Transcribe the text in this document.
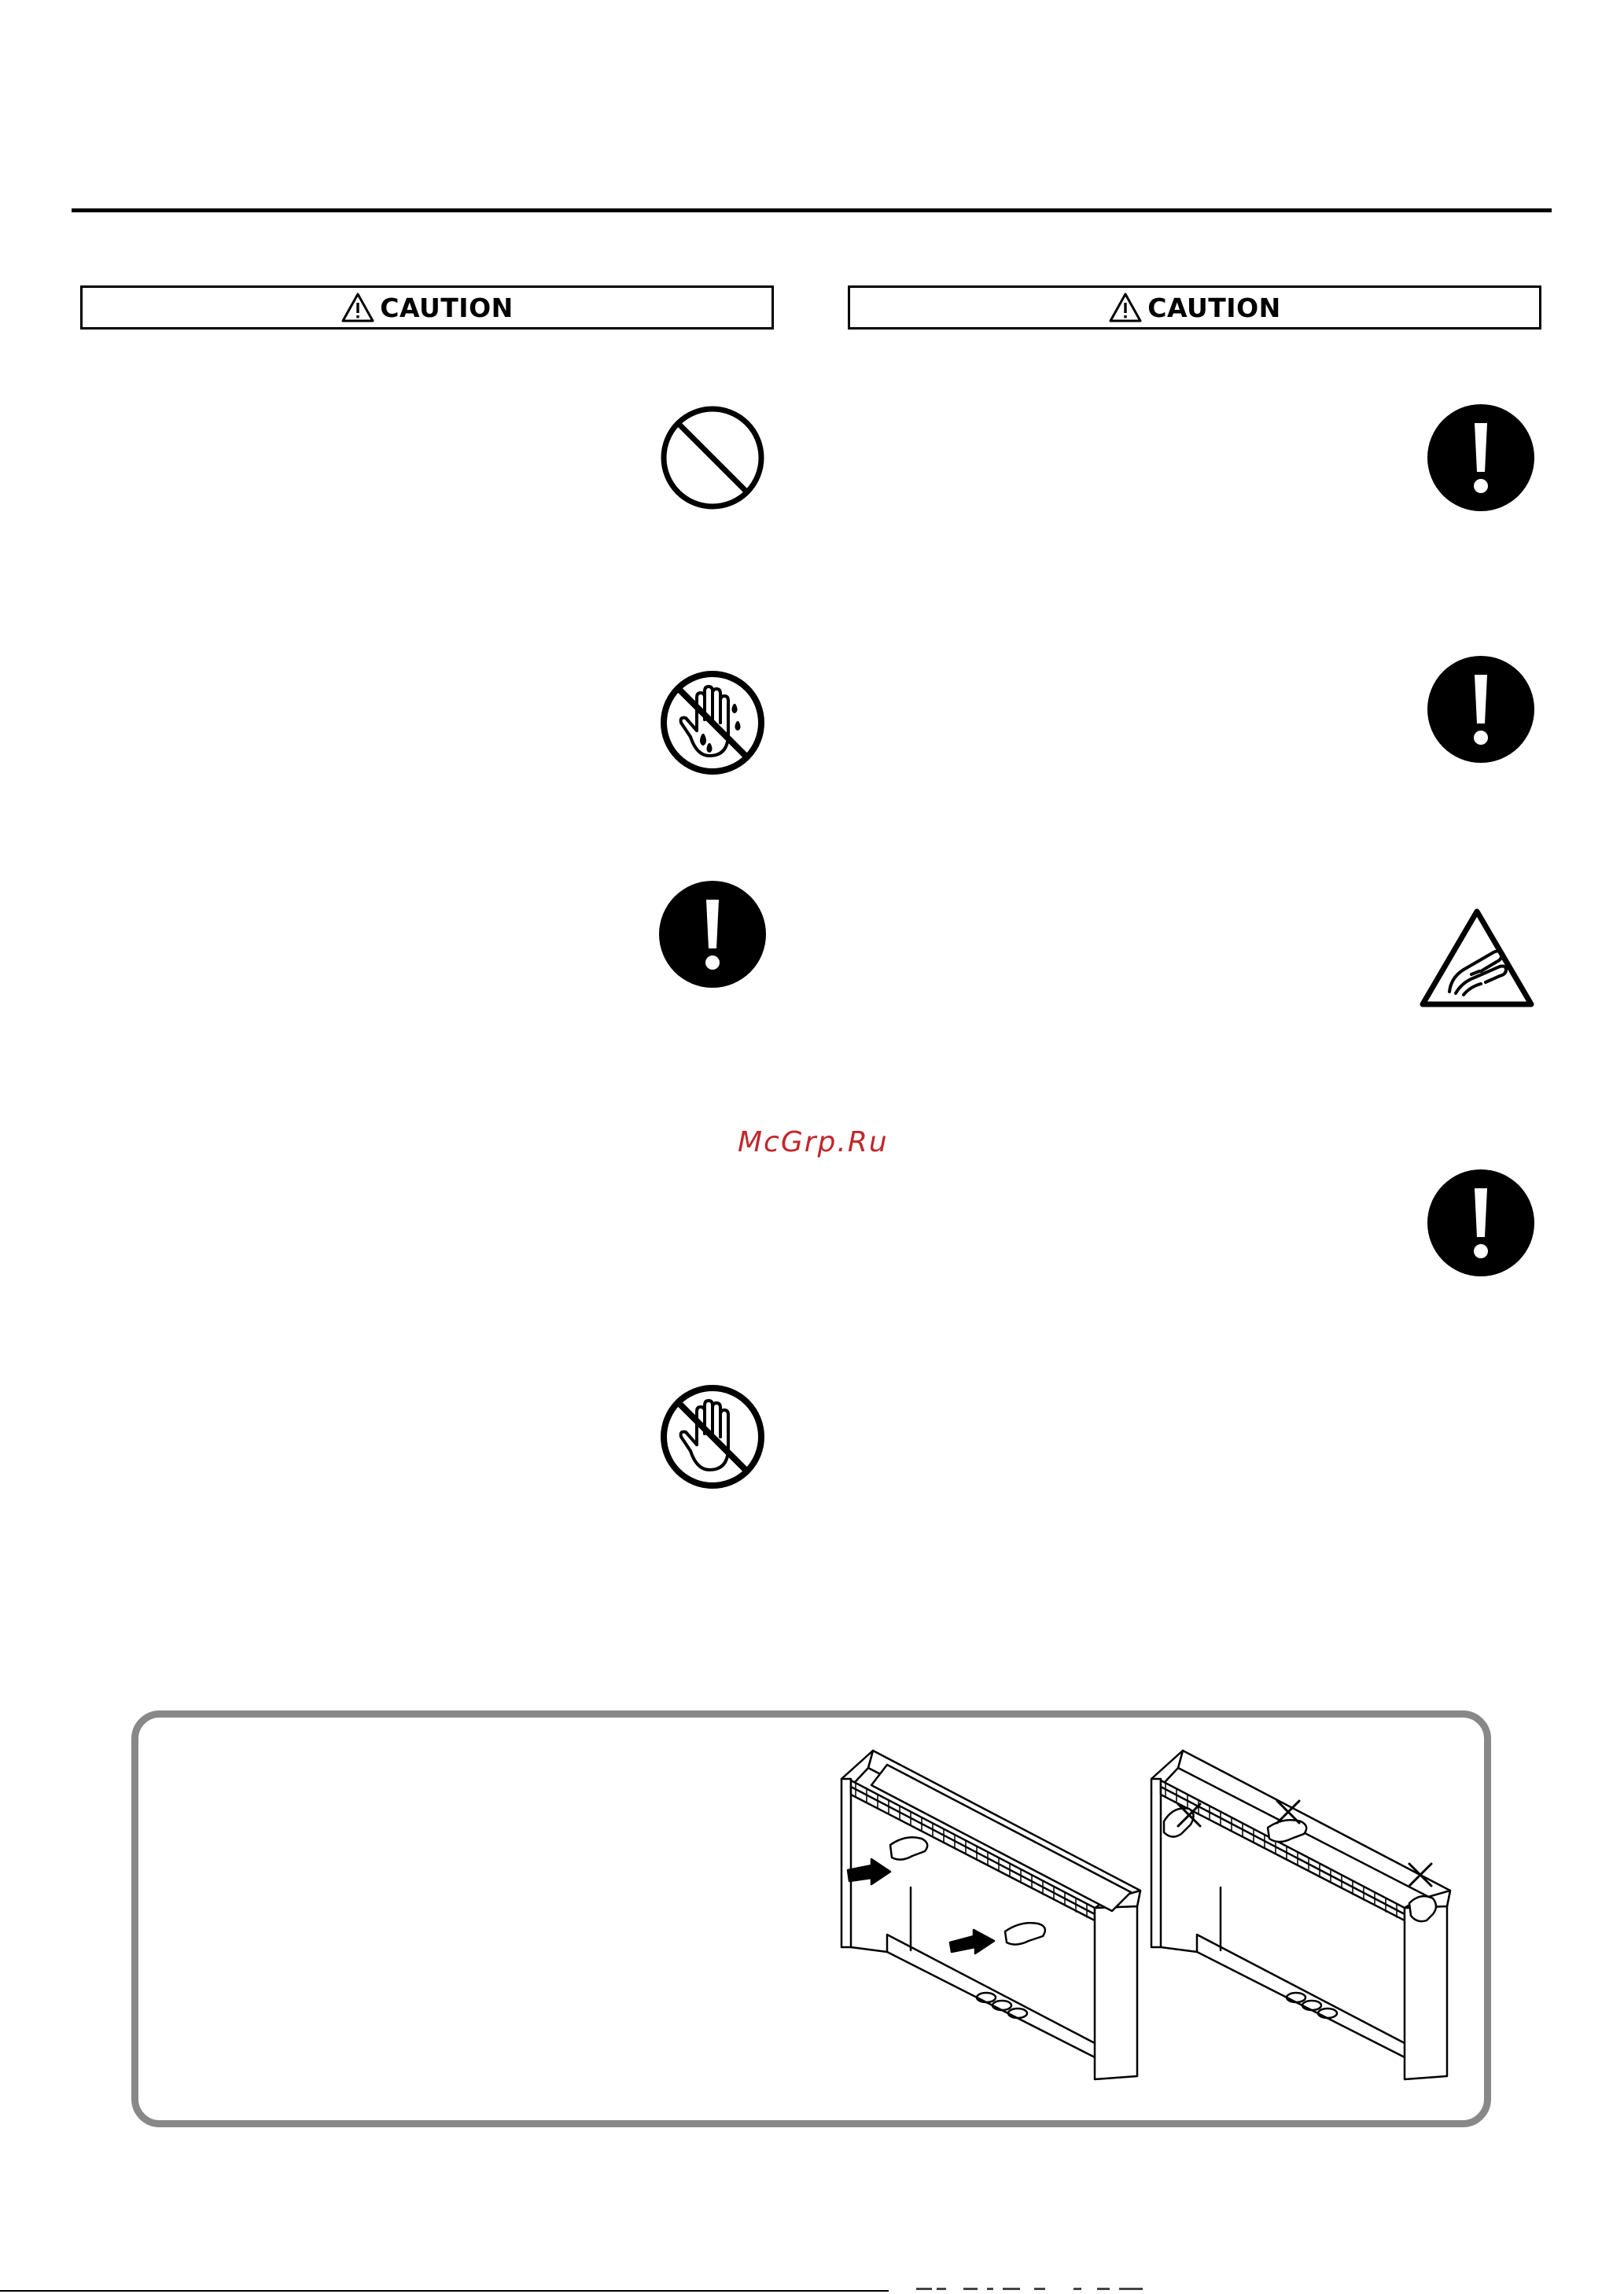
CAUTION	CAUTION
McGrp.Ru
